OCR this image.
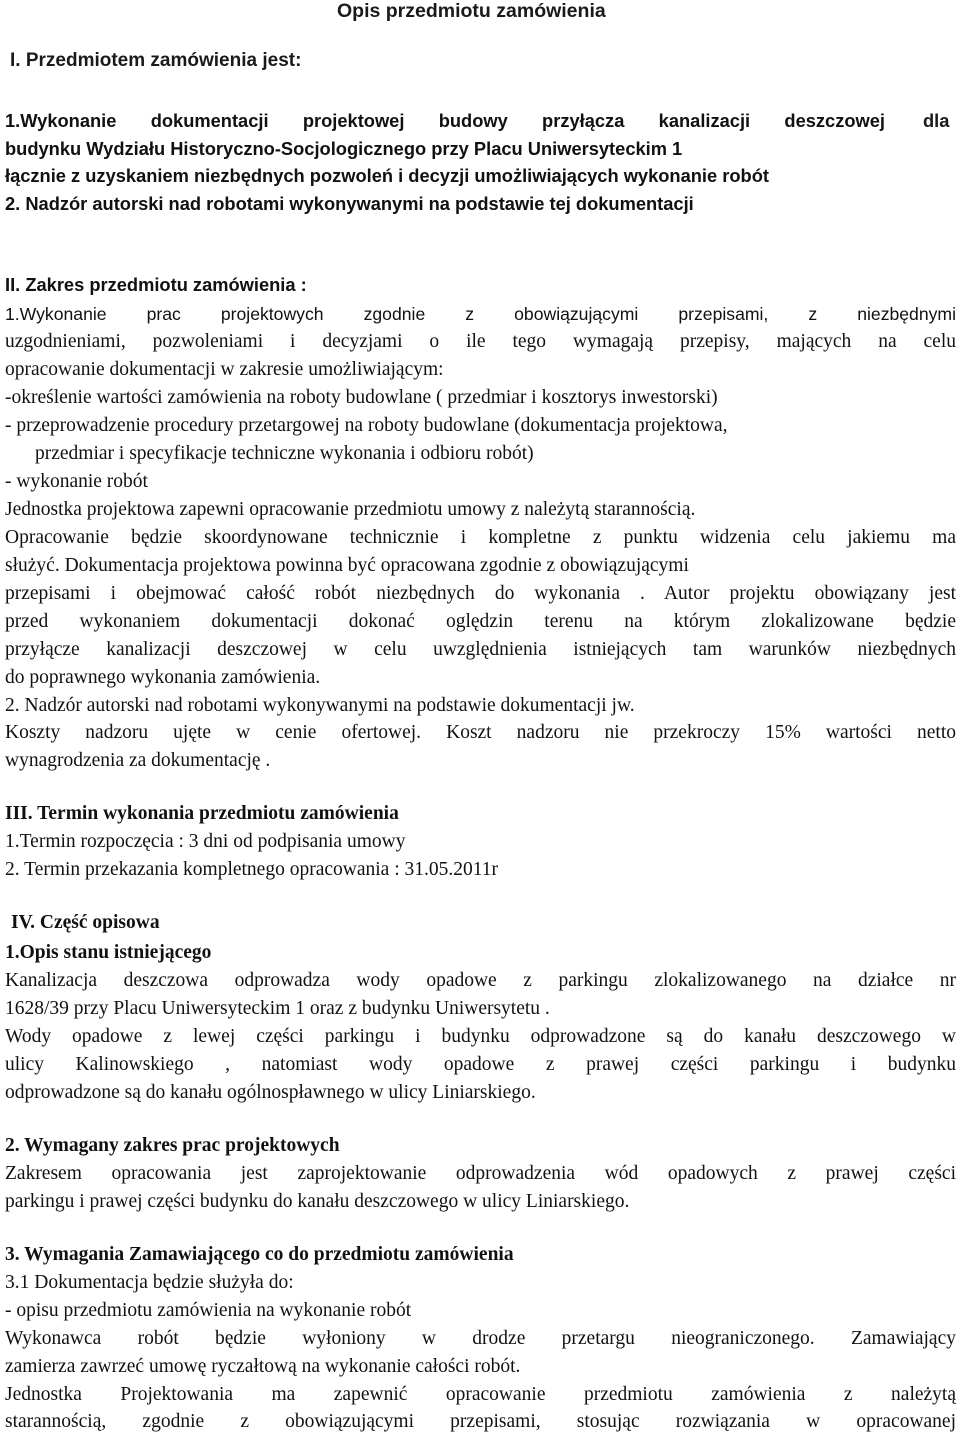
Opis przedmiotu zamówienia
I. Przedmiotem zamówienia jest:
1.Wykonanie dokumentacji projektowej budowy przyłącza kanalizacji deszczowej dla
budynku Wydziału Historyczno-Socjologicznego przy Placu Uniwersyteckim 1
łącznie z uzyskaniem niezbędnych pozwoleń i decyzji umożliwiających wykonanie robót
2. Nadzór autorski nad robotami wykonywanymi na podstawie tej dokumentacji
II. Zakres przedmiotu zamówienia :
1.Wykonanie prac projektowych zgodnie z obowiązującymi przepisami, z niezbędnymi
uzgodnieniami, pozwoleniami i decyzjami o ile tego wymagają przepisy, mających na celu
opracowanie dokumentacji w zakresie umożliwiającym:
-określenie wartości zamówienia na roboty budowlane ( przedmiar i kosztorys inwestorski)
- przeprowadzenie procedury przetargowej na roboty budowlane (dokumentacja projektowa,
przedmiar i specyfikacje techniczne wykonania i odbioru robót)
- wykonanie robót
Jednostka projektowa zapewni opracowanie przedmiotu umowy z należytą starannością.
Opracowanie będzie skoordynowane technicznie i kompletne z punktu widzenia celu jakiemu ma
służyć. Dokumentacja projektowa powinna być opracowana zgodnie z obowiązującymi
przepisami i obejmować całość robót niezbędnych do wykonania . Autor projektu obowiązany jest
przed wykonaniem dokumentacji dokonać oględzin terenu na którym zlokalizowane będzie
przyłącze kanalizacji deszczowej w celu uwzględnienia istniejących tam warunków niezbędnych
do poprawnego wykonania zamówienia.
2. Nadzór autorski nad robotami wykonywanymi na podstawie dokumentacji jw.
Koszty nadzoru ujęte w cenie ofertowej. Koszt nadzoru nie przekroczy 15% wartości netto
wynagrodzenia za dokumentację .
III. Termin wykonania przedmiotu zamówienia
1.Termin rozpoczęcia : 3 dni od podpisania umowy
2. Termin przekazania kompletnego opracowania : 31.05.2011r
IV. Część opisowa
1.Opis stanu istniejącego
Kanalizacja deszczowa odprowadza wody opadowe z parkingu zlokalizowanego na działce nr
1628/39 przy Placu Uniwersyteckim 1 oraz z budynku Uniwersytetu .
Wody opadowe z lewej części parkingu i budynku odprowadzone są do kanału deszczowego w
ulicy Kalinowskiego , natomiast wody opadowe z prawej części parkingu i budynku
odprowadzone są do kanału ogólnospławnego w ulicy Liniarskiego.
2. Wymagany zakres prac projektowych
Zakresem opracowania jest zaprojektowanie odprowadzenia wód opadowych z prawej części
parkingu i prawej części budynku do kanału deszczowego w ulicy Liniarskiego.
3. Wymagania Zamawiającego co do przedmiotu zamówienia
3.1 Dokumentacja będzie służyła do:
- opisu przedmiotu zamówienia na wykonanie robót
Wykonawca robót będzie wyłoniony w drodze przetargu nieograniczonego. Zamawiający
zamierza zawrzeć umowę ryczałtową na wykonanie całości robót.
Jednostka Projektowania ma zapewnić opracowanie przedmiotu zamówienia z należytą
starannością, zgodnie z obowiązującymi przepisami, stosując rozwiązania w opracowanej
